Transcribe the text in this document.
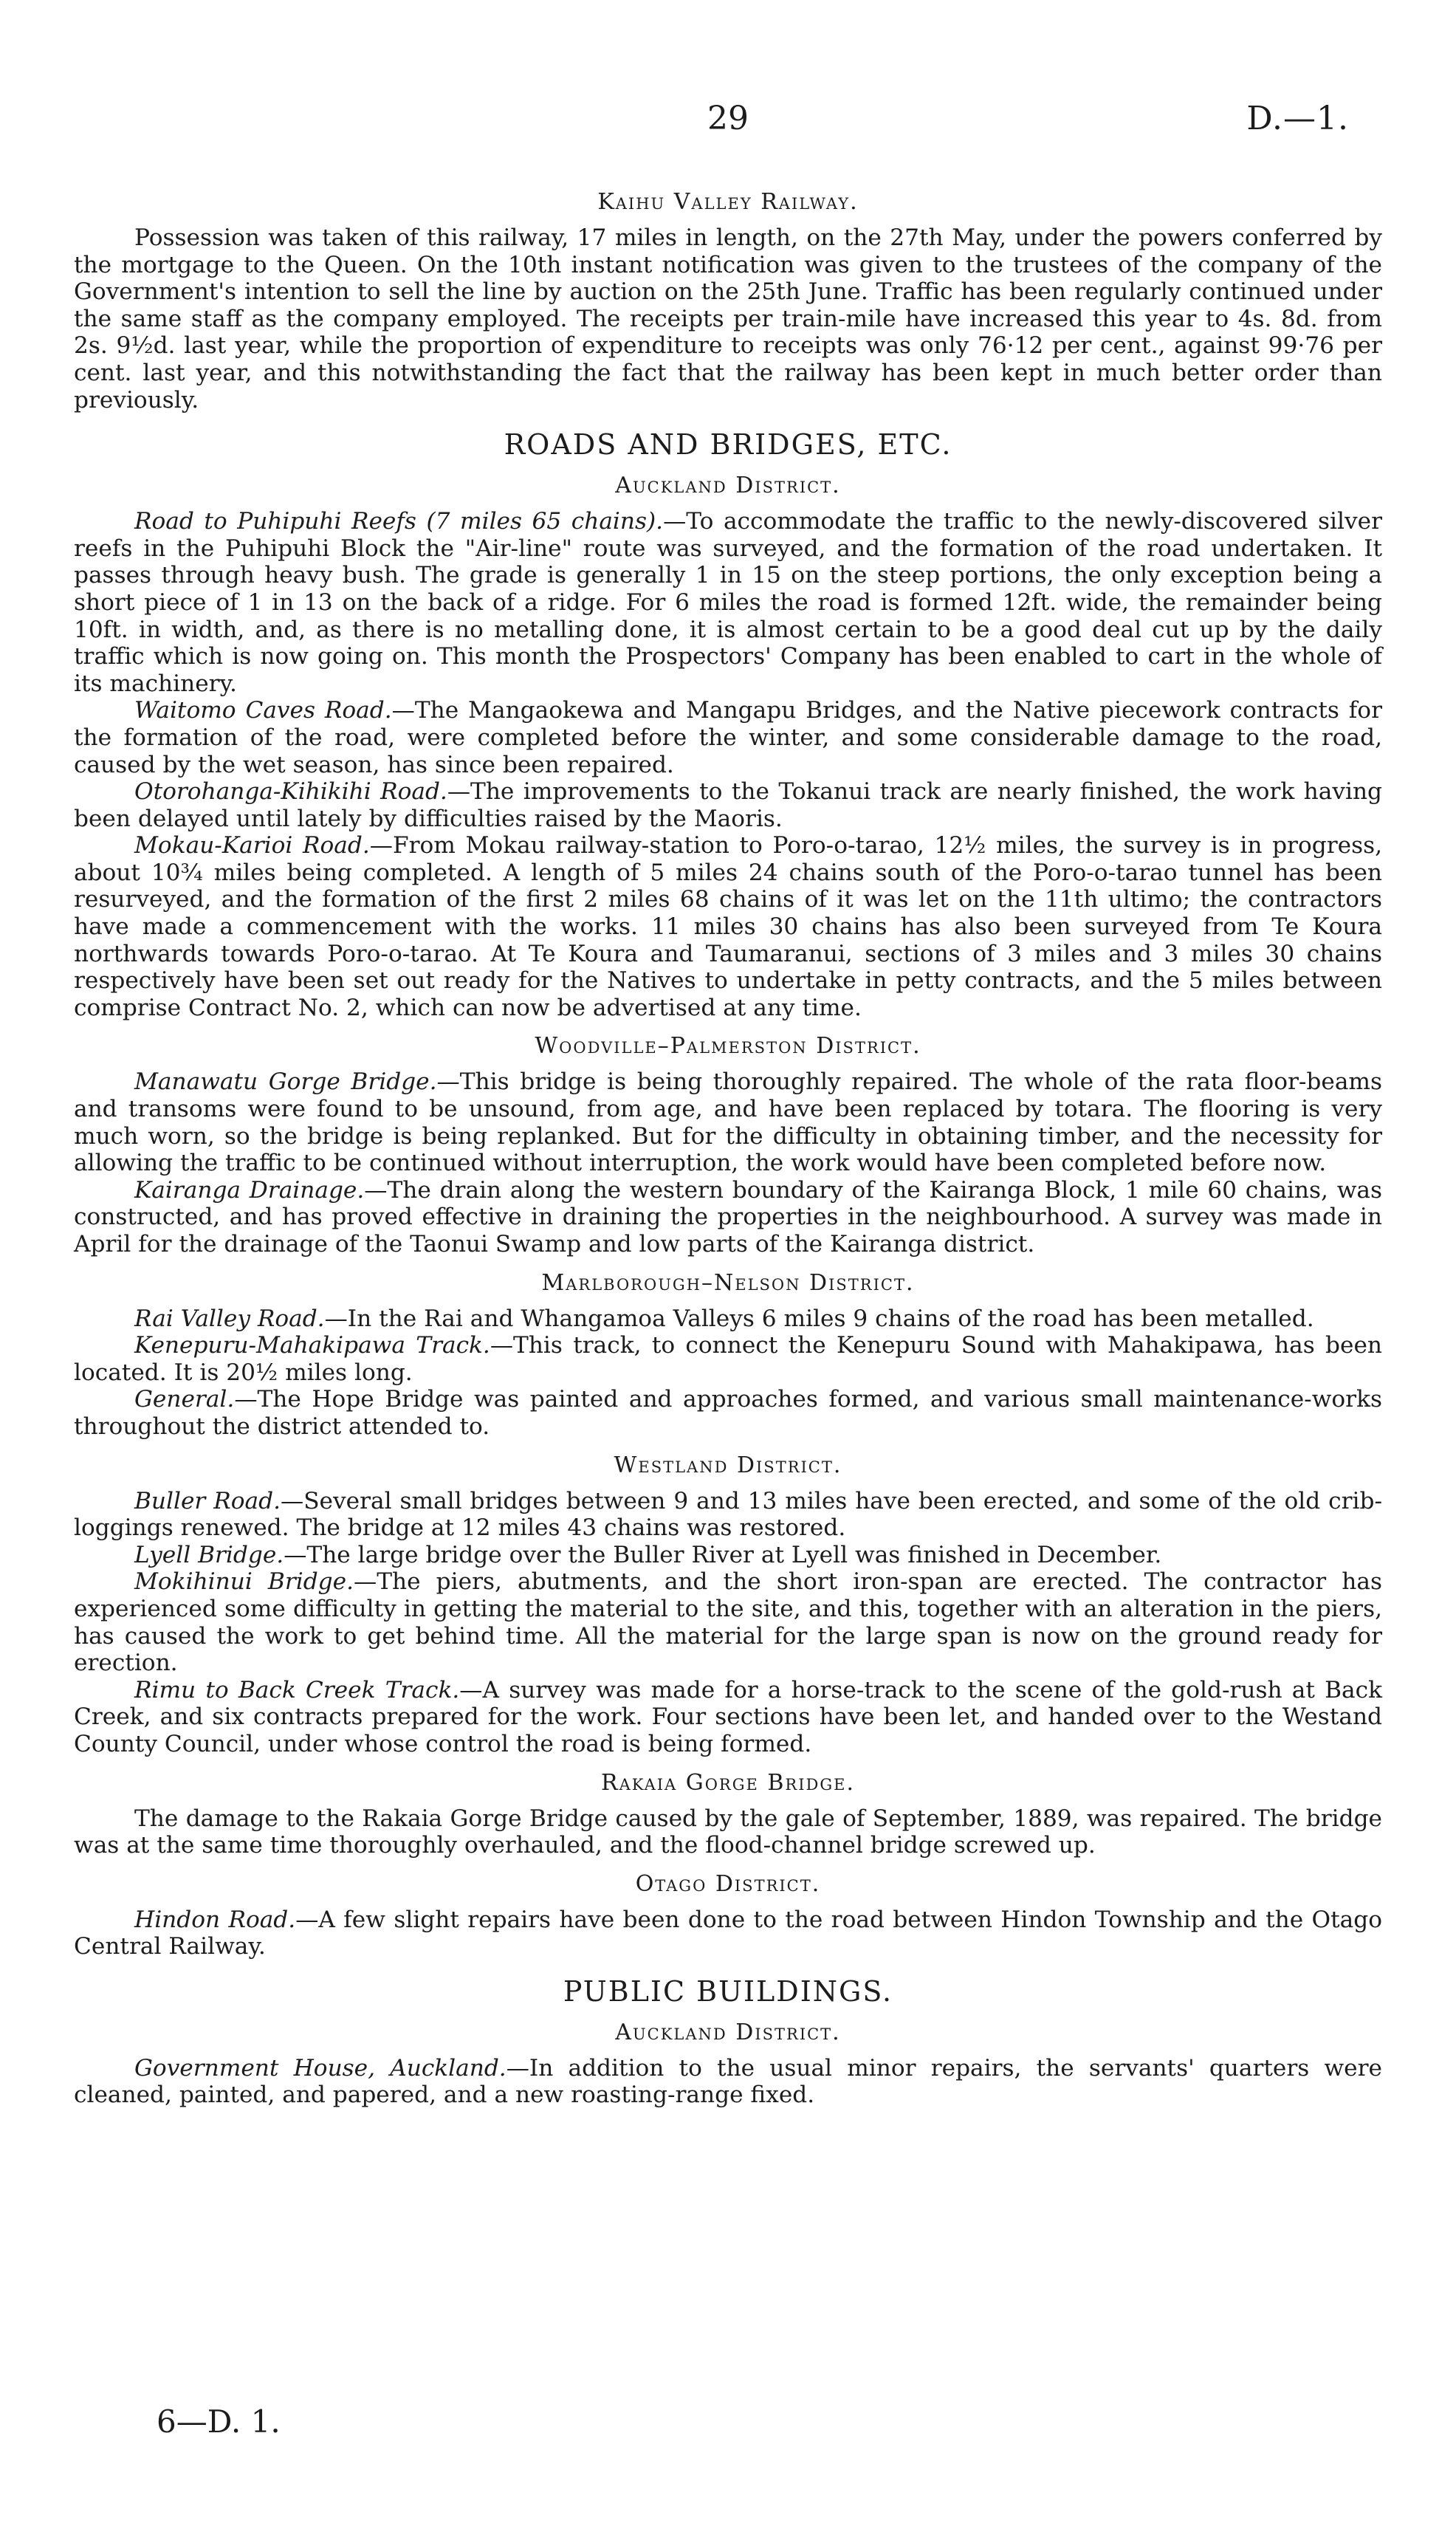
29	D.—1.
Kaihu Valley Railway.

Possession was taken of this railway, 17 miles in length, on the 27th May, under the powers conferred by the mortgage to the Queen. On the 10th instant notification was given to the trustees of the company of the Government's intention to sell the line by auction on the 25th June. Traffic has been regularly continued under the same staff as the company employed. The receipts per train-mile have increased this year to 4s. 8d. from 2s. 9½d. last year, while the proportion of expenditure to receipts was only 76·12 per cent., against 99·76 per cent. last year, and this notwithstanding the fact that the railway has been kept in much better order than previously.

ROADS AND BRIDGES, ETC.
Auckland District.

Road to Puhipuhi Reefs (7 miles 65 chains).—To accommodate the traffic to the newly-discovered silver reefs in the Puhipuhi Block the "Air-line" route was surveyed, and the formation of the road undertaken. It passes through heavy bush. The grade is generally 1 in 15 on the steep portions, the only exception being a short piece of 1 in 13 on the back of a ridge. For 6 miles the road is formed 12ft. wide, the remainder being 10ft. in width, and, as there is no metalling done, it is almost certain to be a good deal cut up by the daily traffic which is now going on. This month the Prospectors' Company has been enabled to cart in the whole of its machinery.

Waitomo Caves Road.—The Mangaokewa and Mangapu Bridges, and the Native piecework contracts for the formation of the road, were completed before the winter, and some considerable damage to the road, caused by the wet season, has since been repaired.

Otorohanga-Kihikihi Road.—The improvements to the Tokanui track are nearly finished, the work having been delayed until lately by difficulties raised by the Maoris.

Mokau-Karioi Road.—From Mokau railway-station to Poro-o-tarao, 12½ miles, the survey is in progress, about 10¾ miles being completed. A length of 5 miles 24 chains south of the Poro-o-tarao tunnel has been resurveyed, and the formation of the first 2 miles 68 chains of it was let on the 11th ultimo; the contractors have made a commencement with the works. 11 miles 30 chains has also been surveyed from Te Koura northwards towards Poro-o-tarao. At Te Koura and Taumaranui, sections of 3 miles and 3 miles 30 chains respectively have been set out ready for the Natives to undertake in petty contracts, and the 5 miles between comprise Contract No. 2, which can now be advertised at any time.

Woodville–Palmerston District.

Manawatu Gorge Bridge.—This bridge is being thoroughly repaired. The whole of the rata floor-beams and transoms were found to be unsound, from age, and have been replaced by totara. The flooring is very much worn, so the bridge is being replanked. But for the difficulty in obtaining timber, and the necessity for allowing the traffic to be continued without interruption, the work would have been completed before now.

Kairanga Drainage.—The drain along the western boundary of the Kairanga Block, 1 mile 60 chains, was constructed, and has proved effective in draining the properties in the neighbourhood. A survey was made in April for the drainage of the Taonui Swamp and low parts of the Kairanga district.

Marlborough–Nelson District.

Rai Valley Road.—In the Rai and Whangamoa Valleys 6 miles 9 chains of the road has been metalled.

Kenepuru-Mahakipawa Track.—This track, to connect the Kenepuru Sound with Mahakipawa, has been located. It is 20½ miles long.

General.—The Hope Bridge was painted and approaches formed, and various small maintenance-works throughout the district attended to.

Westland District.

Buller Road.—Several small bridges between 9 and 13 miles have been erected, and some of the old crib-loggings renewed. The bridge at 12 miles 43 chains was restored.

Lyell Bridge.—The large bridge over the Buller River at Lyell was finished in December.

Mokihinui Bridge.—The piers, abutments, and the short iron-span are erected. The contractor has experienced some difficulty in getting the material to the site, and this, together with an alteration in the piers, has caused the work to get behind time. All the material for the large span is now on the ground ready for erection.

Rimu to Back Creek Track.—A survey was made for a horse-track to the scene of the gold-rush at Back Creek, and six contracts prepared for the work. Four sections have been let, and handed over to the Westand County Council, under whose control the road is being formed.

Rakaia Gorge Bridge.

The damage to the Rakaia Gorge Bridge caused by the gale of September, 1889, was repaired. The bridge was at the same time thoroughly overhauled, and the flood-channel bridge screwed up.

Otago District.

Hindon Road.—A few slight repairs have been done to the road between Hindon Township and the Otago Central Railway.

PUBLIC BUILDINGS.
Auckland District.

Government House, Auckland.—In addition to the usual minor repairs, the servants' quarters were cleaned, painted, and papered, and a new roasting-range fixed.

6—D. 1.
